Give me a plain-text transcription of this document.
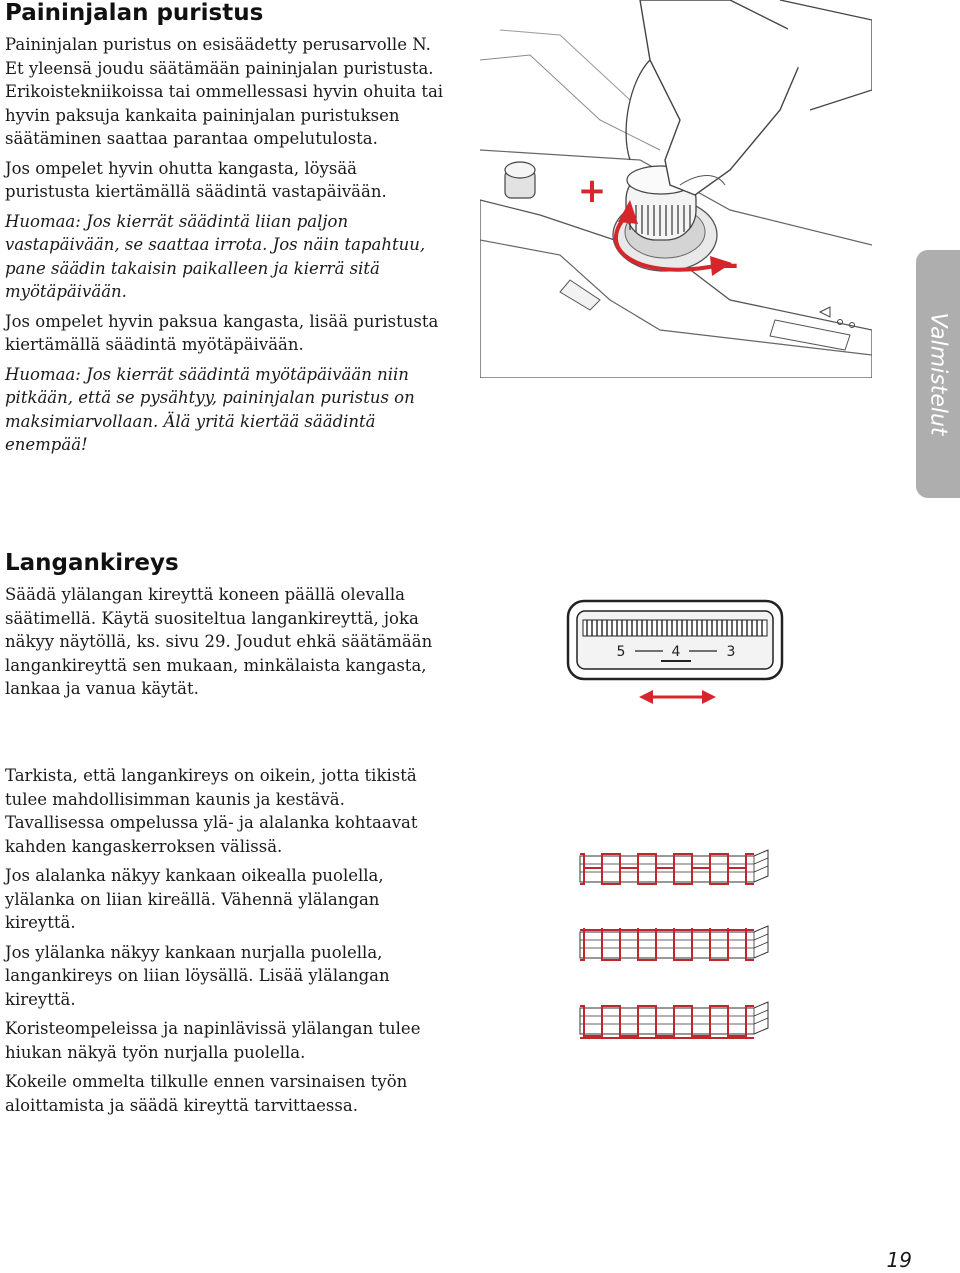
Paininjalan puristus

Paininjalan puristus on esisäädetty perusarvolle N. Et yleensä joudu säätämään paininjalan puristusta. Erikoistekniikoissa tai ommellessasi hyvin ohuita tai hyvin paksuja kankaita paininjalan puristuksen säätäminen saattaa parantaa ompelutulosta.

Jos ompelet hyvin ohutta kangasta, löysää puristusta kiertämällä säädintä vastapäivään.

Huomaa: Jos kierrät säädintä liian paljon vastapäivään, se saattaa irrota. Jos näin tapahtuu, pane säädin takaisin paikalleen ja kierrä sitä myötäpäivään.

Jos ompelet hyvin paksua kangasta, lisää puristusta kiertämällä säädintä myötäpäivään.

Huomaa: Jos kierrät säädintä myötäpäivään niin pitkään, että se pysähtyy, paininjalan puristus on maksimiarvollaan. Älä yritä kiertää säädintä enempää!

+
–
Valmistelut
Langankireys

Säädä ylälangan kireyttä koneen päällä olevalla säätimellä. Käytä suositeltua langankireyttä, joka näkyy näytöllä, ks. sivu 29. Joudut ehkä säätämään langankireyttä sen mukaan, minkälaista kangasta, lankaa ja vanua käytät.

5	4	3

Tarkista, että langankireys on oikein, jotta tikistä tulee mahdollisimman kaunis ja kestävä. Tavallisessa ompelussa ylä- ja alalanka kohtaavat kahden kangaskerroksen välissä.

Jos alalanka näkyy kankaan oikealla puolella, ylälanka on liian kireällä. Vähennä ylälangan kireyttä.

Jos ylälanka näkyy kankaan nurjalla puolella, langankireys on liian löysällä. Lisää ylälangan kireyttä.

Koristeompeleissa ja napinlävissä ylälangan tulee hiukan näkyä työn nurjalla puolella.

Kokeile ommelta tilkulle ennen varsinaisen työn aloittamista ja säädä kireyttä tarvittaessa.

19
